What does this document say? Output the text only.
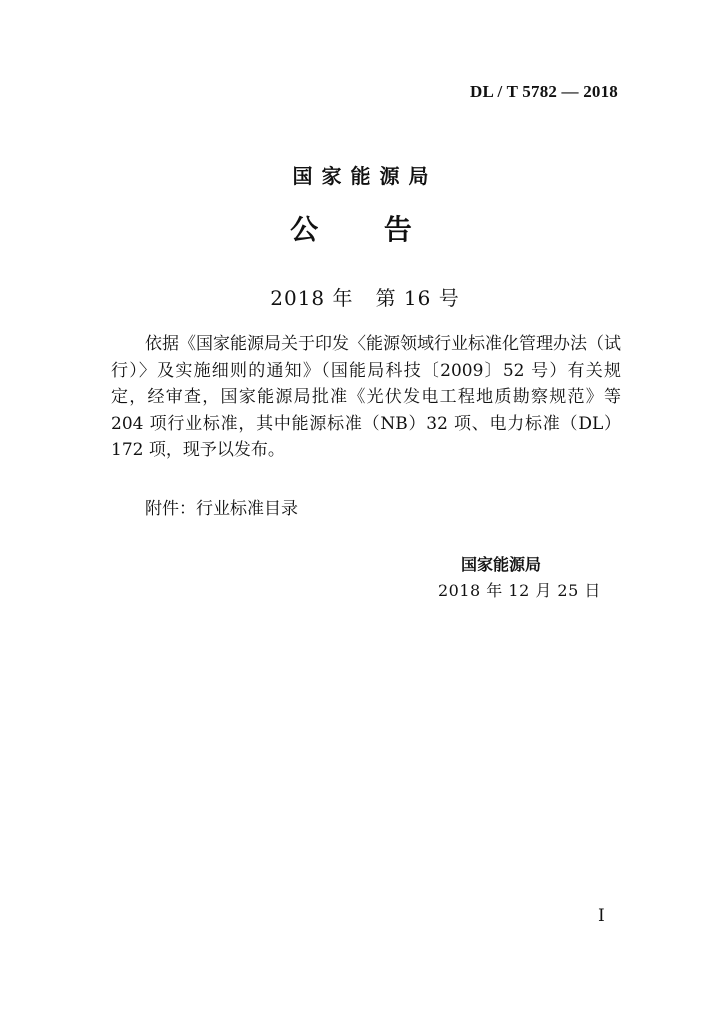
DL / T 5782 — 2018
国家能源局
公 告
2018 年   第 16 号

依据《国家能源局关于印发〈能源领域行业标准化管理办法（试行）〉及实施细则的通知》（国能局科技〔2009〕52 号）有关规定，经审查，国家能源局批准《光伏发电工程地质勘察规范》等 204 项行业标准，其中能源标准（NB）32 项、电力标准（DL）172 项，现予以发布。

附件：行业标准目录
国家能源局
2018 年 12 月 25 日
I
